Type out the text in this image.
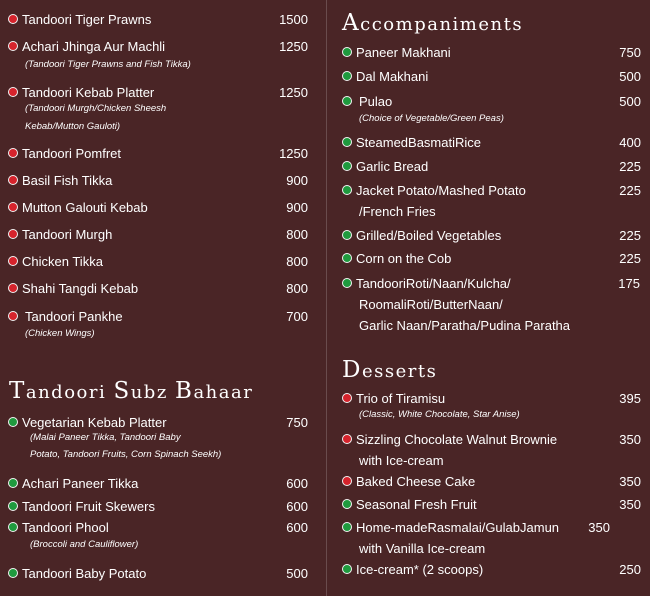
Tandoori Tiger Prawns	1500
Achari Jhinga Aur Machli	1250
(Tandoori Tiger Prawns and Fish Tikka)
Tandoori Kebab Platter	1250
(Tandoori Murgh/Chicken Sheesh
Kebab/Mutton Gauloti)
Tandoori Pomfret	1250
Basil Fish Tikka	900
Mutton Galouti Kebab	900
Tandoori Murgh	800
Chicken Tikka	800
Shahi Tangdi Kebab	800
Tandoori Pankhe	700
(Chicken Wings)
Tandoori Subz Bahaar
Vegetarian Kebab Platter	750
(Malai Paneer Tikka, Tandoori Baby
Potato, Tandoori Fruits, Corn Spinach Seekh)
Achari Paneer Tikka	600
Tandoori Fruit Skewers	600
Tandoori Phool	600
(Broccoli and Cauliflower)
Tandoori Baby Potato	500
Accompaniments
Paneer Makhani	750
Dal Makhani	500
Pulao	500
(Choice of Vegetable/Green Peas)
SteamedBasmatiRice	400
Garlic Bread	225
Jacket Potato/Mashed Potato	225
/French Fries
Grilled/Boiled Vegetables	225
Corn on the Cob	225
TandooriRoti/Naan/Kulcha/	175
RoomaliRoti/ButterNaan/
Garlic Naan/Paratha/Pudina Paratha
Desserts
Trio of Tiramisu	395
(Classic, White Chocolate, Star Anise)
Sizzling Chocolate Walnut Brownie	350
with Ice-cream
Baked Cheese Cake	350
Seasonal Fresh Fruit	350
Home-madeRasmalai/GulabJamun	350
with Vanilla Ice-cream
Ice-cream* (2 scoops)	250
